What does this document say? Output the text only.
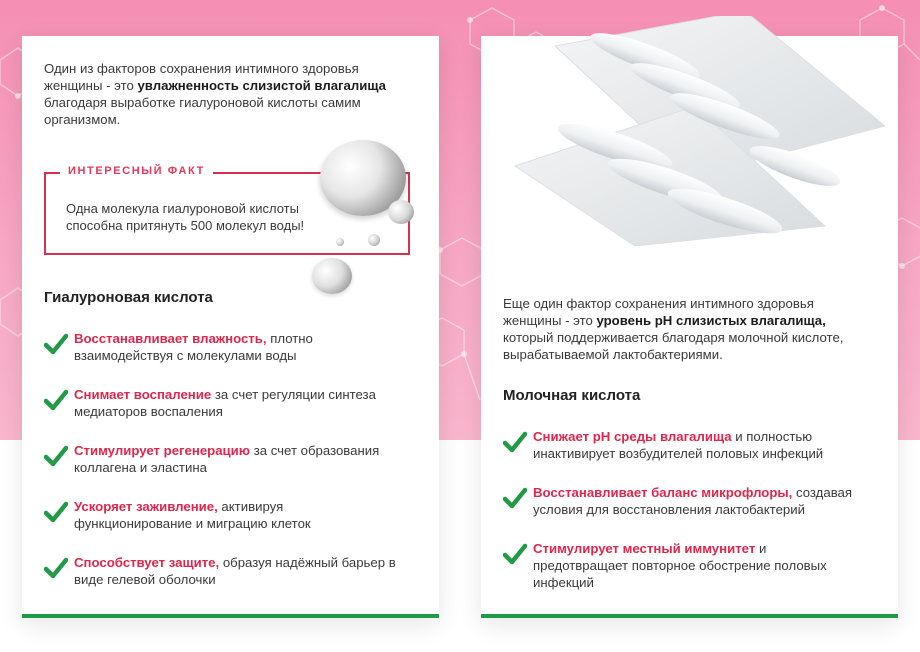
Один из факторов сохранения интимного здоровья женщины - это увлажненность слизистой влагалища благодаря выработке гиалуроновой кислоты самим организмом.

ИНТЕРЕСНЫЙ ФАКТ

Одна молекула гиалуроновой кислоты способна притянуть 500 молекул воды!

Гиалуроновая кислота

Восстанавливает влажность, плотно взаимодействуя с молекулами воды

Снимает воспаление за счет регуляции синтеза медиаторов воспаления

Стимулирует регенерацию за счет образования коллагена и эластина

Ускоряет заживление, активируя функционирование и миграцию клеток

Способствует защите, образуя надёжный барьер в виде гелевой оболочки

Еще один фактор сохранения интимного здоровья женщины - это уровень pH слизистых влагалища, который поддерживается благодаря молочной кислоте, вырабатываемой лактобактериями.

Молочная кислота

Снижает pH среды влагалища и полностью инактивирует возбудителей половых инфекций

Восстанавливает баланс микрофлоры, создавая условия для восстановления лактобактерий

Стимулирует местный иммунитет и предотвращает повторное обострение половых инфекций
